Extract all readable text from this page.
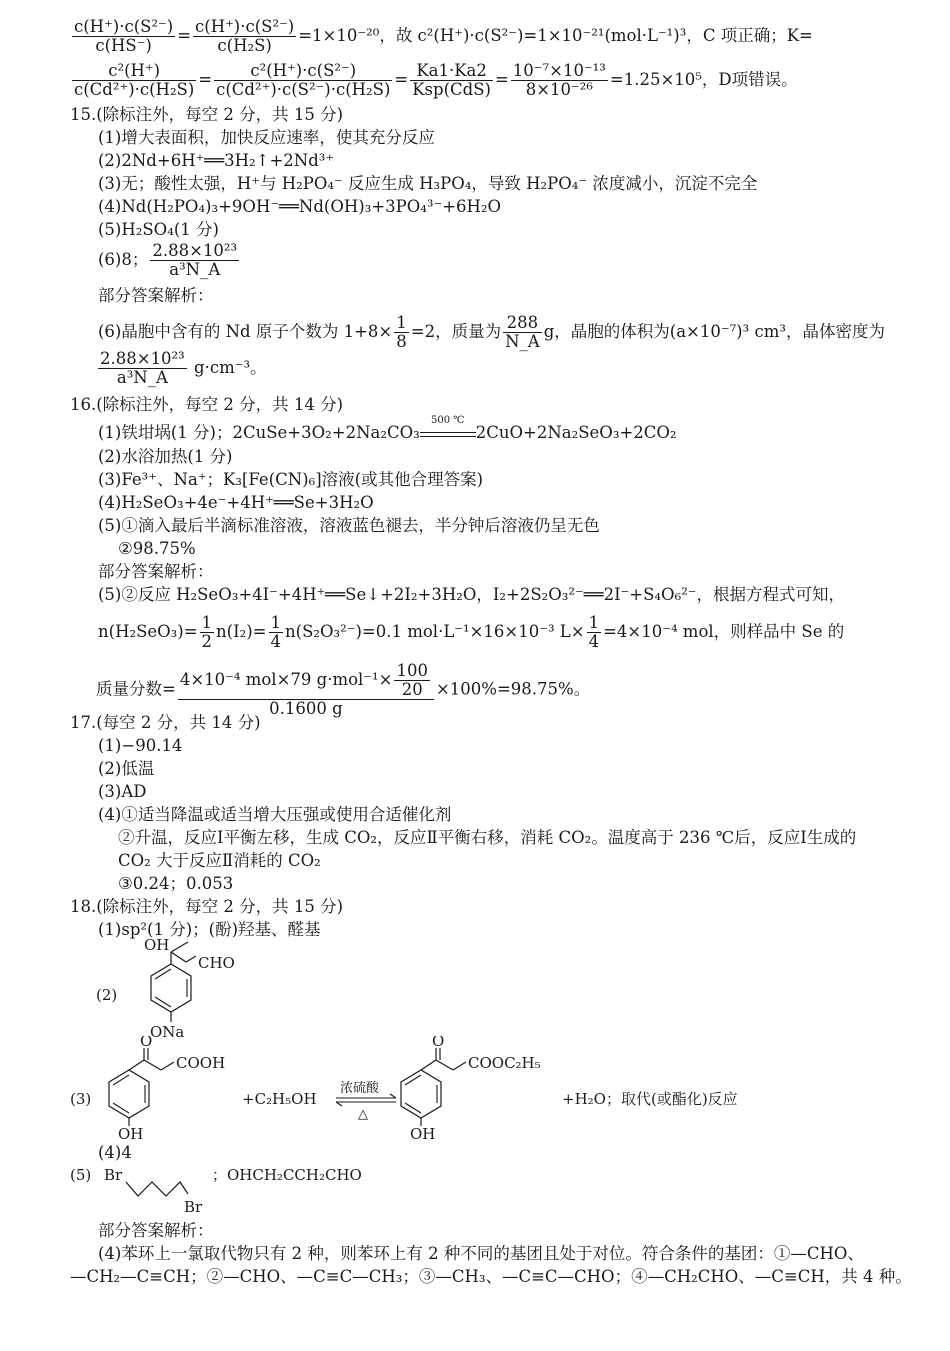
$\frac{\text{c(H⁺)·c(S²⁻)}}{c(HS^-)} = \frac{\text{c(H⁺)·c(S²⁻)}}{\text{c(H₂S)}} =1\times 10^{-20}$，故 c²(H⁺)·c(S²⁻)=1×10⁻²¹(mol·L⁻¹)³，C 项正确；K=
$\frac{\text{c²(H⁺)}}{\text{c(Cd²⁺)·c(H₂S)}} = \frac{\text{c²(H⁺)·c(S²⁻)}}{\text{c(Cd²⁺)·c(S²⁻)·c(H₂S)}} = \frac{Ka1\cdot Ka2}{\text{Ksp(CdS)}} = \frac{\text{10⁻⁷×10⁻¹³}}{\text{8×10⁻²⁶}} =1.25\times 10^5$，D项错误。
15.(除标注外，每空 2 分，共 15 分)
(1)增大表面积，加快反应速率，使其充分反应
(2)2Nd+6H⁺══3H₂↑+2Nd³⁺
(3)无；酸性太强，H⁺与 H₂PO₄⁻ 反应生成 H₃PO₄，导致 H₂PO₄⁻ 浓度减小，沉淀不完全
(4)Nd(H₂PO₄)₃+9OH⁻══Nd(OH)₃+3PO₄³⁻+6H₂O
(5)H₂SO₄(1 分)
(6)8； $\frac{\text{2.88×10²³}}{\text{a³N\_A}}$
部分答案解析：
(6)晶胞中含有的 Nd 原子个数为 $1+8\times \frac{1}{8} =2$，质量为 $\frac{288}{N\_A}$ g，晶胞的体积为(a×10⁻⁷)³ cm³，晶体密度为
$\frac{\text{2.88×10²³}}{\text{a³N\_A}} g\cdot cm^{-3}$。
16.(除标注外，每空 2 分，共 14 分)
(1)铁坩埚(1 分)；2CuSe+3O₂+2Na₂CO₃
500 ℃
2CuO+2Na₂SeO₃+2CO₂
(2)水浴加热(1 分)
(3)Fe³⁺、Na⁺；K₃[Fe(CN)₆]溶液(或其他合理答案)
(4)H₂SeO₃+4e⁻+4H⁺══Se+3H₂O
(5)①滴入最后半滴标准溶液，溶液蓝色褪去，半分钟后溶液仍呈无色
②98.75%
部分答案解析：
(5)②反应 H₂SeO₃+4I⁻+4H⁺══Se↓+2I₂+3H₂O，I₂+2S₂O₃²⁻══2I⁻+S₄O₆²⁻，根据方程式可知，
$n(H_2SeO_3)= \frac{1}{2} n(I_2)= \frac{1}{4} n(S_2O_3^{2-})=0.1$ mol·L⁻¹×16×10⁻³ $L\times \frac{1}{4} =4\times 10^{-4}$ mol，则样品中 Se 的
质量分数= $\frac{4\times 10^{-4} mol\times 79 g\cdot mol^{-1}\times \frac{100}{20}}{0.1600 g} \times 100\%=98.75\%$。
17.(每空 2 分，共 14 分)
(1)−90.14
(2)低温
(3)AD
(4)①适当降温或适当增大压强或使用合适催化剂
②升温，反应Ⅰ平衡左移，生成 CO₂，反应Ⅱ平衡右移，消耗 CO₂。温度高于 236 ℃后，反应Ⅰ生成的
CO₂ 大于反应Ⅱ消耗的 CO₂
③0.24；0.053
18.(除标注外，每空 2 分，共 15 分)
(1)sp²(1 分)；(酚)羟基、醛基
(2)
OH
CHO
ONa
(3)
O
COOH
OH
+C₂H₅OH
浓硫酸
△
O
COOC₂H₅
OH
+H₂O；取代(或酯化)反应
(4)4
(5) Br
Br
；OHCH₂CCH₂CHO
部分答案解析：
(4)苯环上一氯取代物只有 2 种，则苯环上有 2 种不同的基团且处于对位。符合条件的基团：①—CHO、
—CH₂—C≡CH；②—CHO、—C≡C—CH₃；③—CH₃、—C≡C—CHO；④—CH₂CHO、—C≡CH，共 4 种。
